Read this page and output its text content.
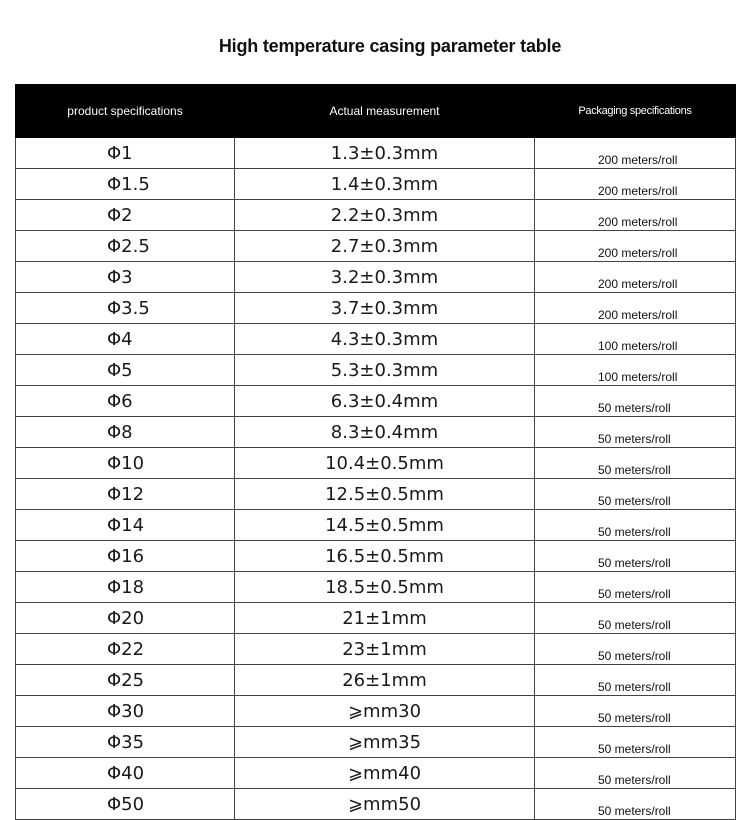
High temperature casing parameter table
product specifications	Actual measurement	Packaging specifications
Φ1	1.3±0.3mm	200 meters/roll
Φ1.5	1.4±0.3mm	200 meters/roll
Φ2	2.2±0.3mm	200 meters/roll
Φ2.5	2.7±0.3mm	200 meters/roll
Φ3	3.2±0.3mm	200 meters/roll
Φ3.5	3.7±0.3mm	200 meters/roll
Φ4	4.3±0.3mm	100 meters/roll
Φ5	5.3±0.3mm	100 meters/roll
Φ6	6.3±0.4mm	50 meters/roll
Φ8	8.3±0.4mm	50 meters/roll
Φ10	10.4±0.5mm	50 meters/roll
Φ12	12.5±0.5mm	50 meters/roll
Φ14	14.5±0.5mm	50 meters/roll
Φ16	16.5±0.5mm	50 meters/roll
Φ18	18.5±0.5mm	50 meters/roll
Φ20	21±1mm	50 meters/roll
Φ22	23±1mm	50 meters/roll
Φ25	26±1mm	50 meters/roll
Φ30	⩾mm30	50 meters/roll
Φ35	⩾mm35	50 meters/roll
Φ40	⩾mm40	50 meters/roll
Φ50	⩾mm50	50 meters/roll
